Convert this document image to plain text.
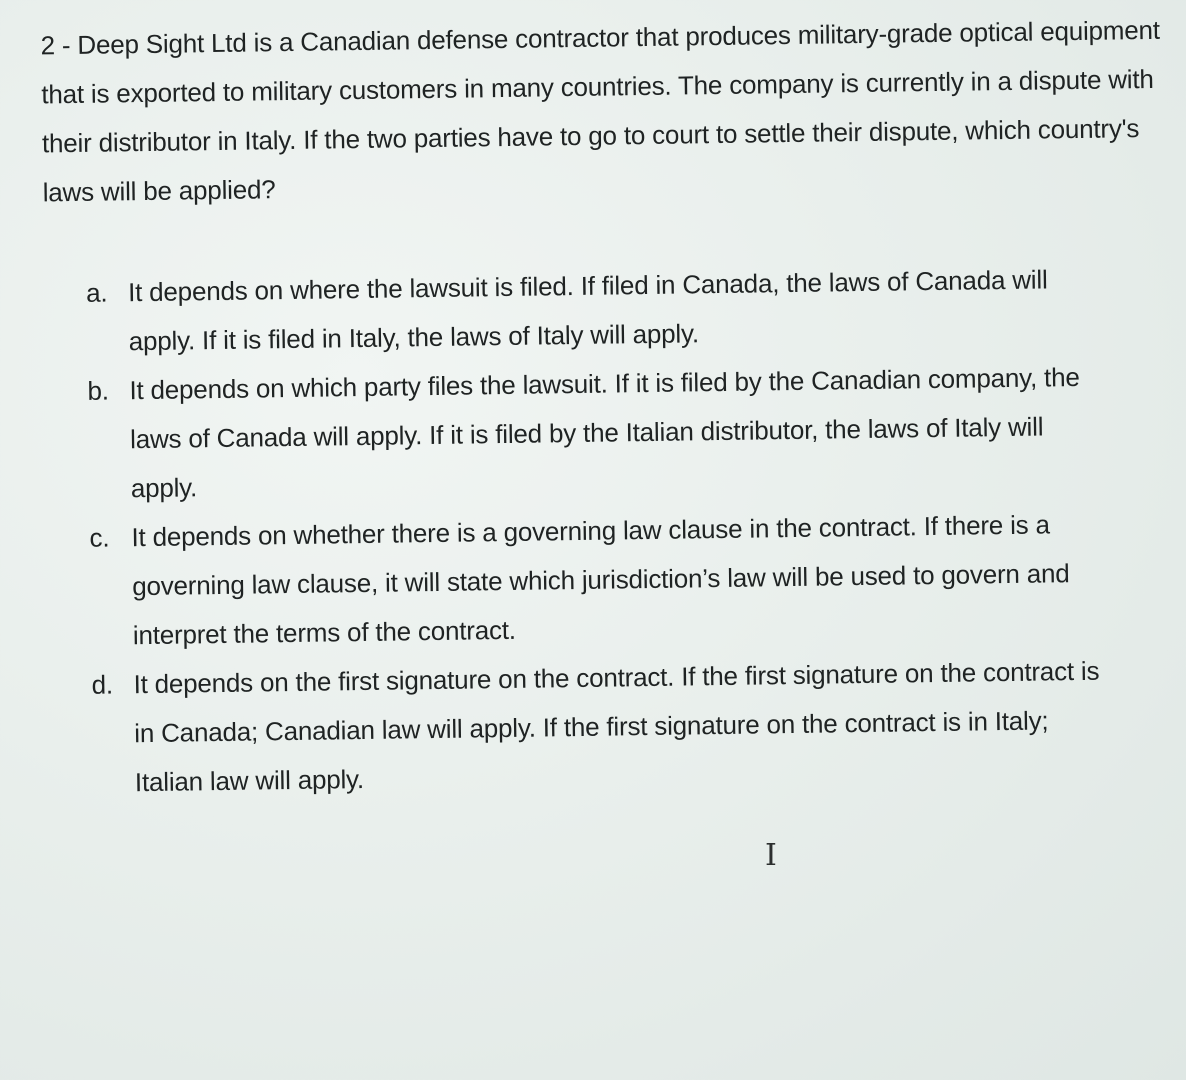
2 - Deep Sight Ltd is a Canadian defense contractor that produces military-grade optical equipment that is exported to military customers in many countries. The company is currently in a dispute with their distributor in Italy. If the two parties have to go to court to settle their dispute, which country's laws will be applied?

a. It depends on where the lawsuit is filed. If filed in Canada, the laws of Canada will apply. If it is filed in Italy, the laws of Italy will apply.
b. It depends on which party files the lawsuit. If it is filed by the Canadian company, the laws of Canada will apply. If it is filed by the Italian distributor, the laws of Italy will apply.
c. It depends on whether there is a governing law clause in the contract. If there is a governing law clause, it will state which jurisdiction’s law will be used to govern and interpret the terms of the contract.
d. It depends on the first signature on the contract. If the first signature on the contract is in Canada; Canadian law will apply. If the first signature on the contract is in Italy; Italian law will apply.
I
